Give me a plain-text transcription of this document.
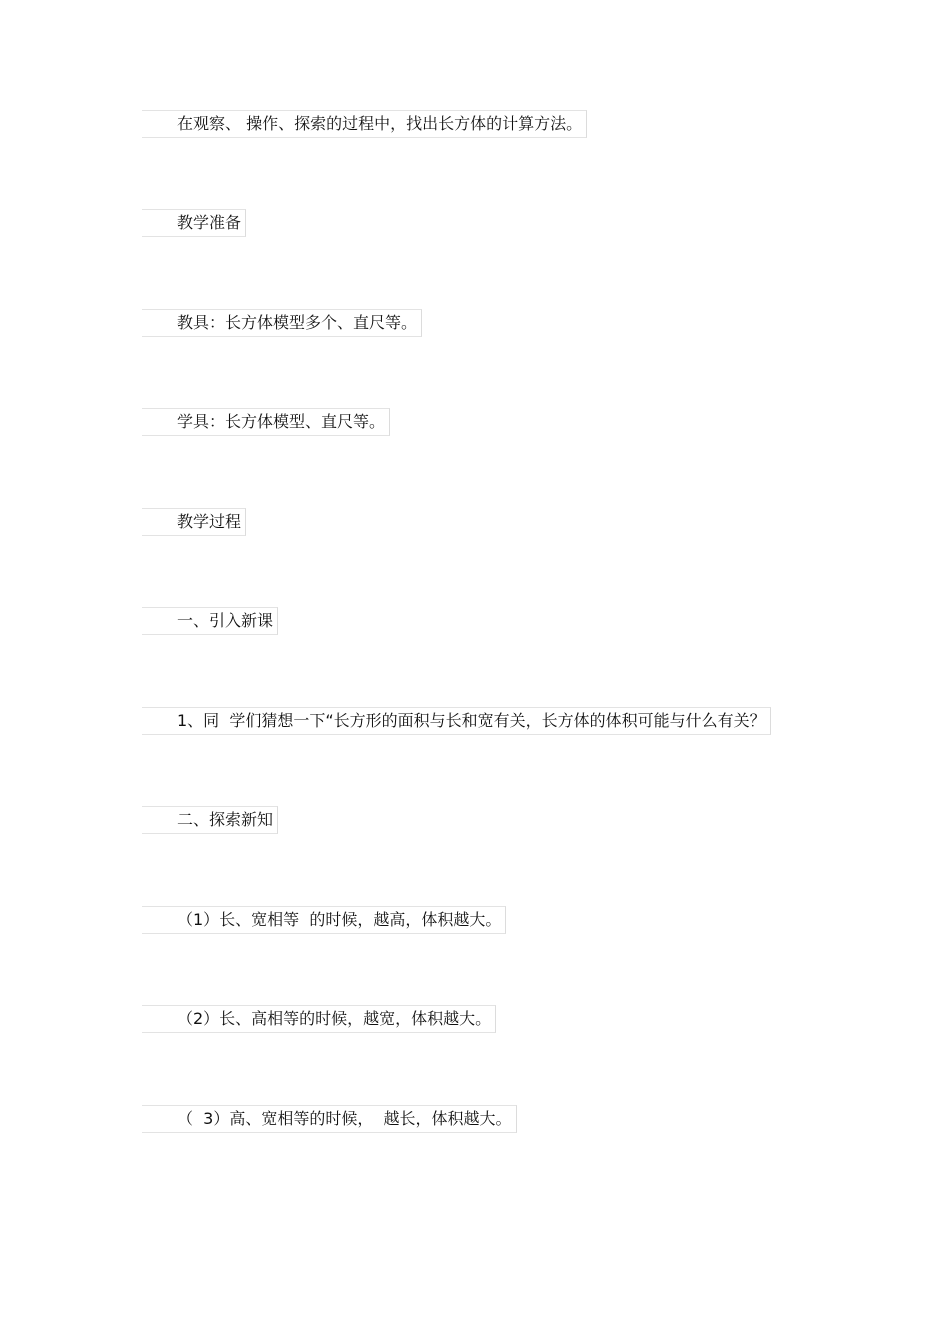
在观察、 操作、探索的过程中，找出长方体的计算方法。
教学准备
教具：长方体模型多个、直尺等。
学具：长方体模型、直尺等。
教学过程
一、引入新课
1、同  学们猜想一下“长方形的面积与长和宽有关，长方体的体积可能与什么有关？
二、探索新知
（1）长、宽相等  的时候，越高，体积越大。
（2）长、高相等的时候，越宽，体积越大。
（  3）高、宽相等的时候，  越长，体积越大。
